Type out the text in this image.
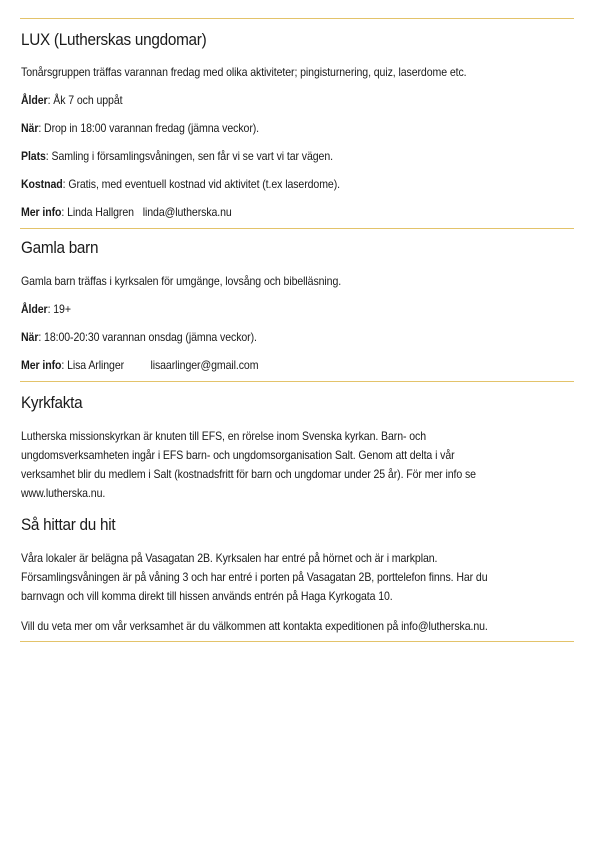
LUX (Lutherskas ungdomar)
Tonårsgruppen träffas varannan fredag med olika aktiviteter; pingisturnering, quiz, laserdome etc.
Ålder: Åk 7 och uppåt
När: Drop in 18:00 varannan fredag (jämna veckor).
Plats: Samling i församlingsvåningen, sen får vi se vart vi tar vägen.
Kostnad: Gratis, med eventuell kostnad vid aktivitet (t.ex laserdome).
Mer info: Linda Hallgren linda@lutherska.nu
Gamla barn
Gamla barn träffas i kyrksalen för umgänge, lovsång och bibelläsning.
Ålder: 19+
När: 18:00-20:30 varannan onsdag (jämna veckor).
Mer info: Lisa Arlinger lisaarlinger@gmail.com
Kyrkfakta
Lutherska missionskyrkan är knuten till EFS, en rörelse inom Svenska kyrkan. Barn- och
ungdomsverksamheten ingår i EFS barn- och ungdomsorganisation Salt. Genom att delta i vår
verksamhet blir du medlem i Salt (kostnadsfritt för barn och ungdomar under 25 år). För mer info se
www.lutherska.nu.
Så hittar du hit
Våra lokaler är belägna på Vasagatan 2B. Kyrksalen har entré på hörnet och är i markplan.
Församlingsvåningen är på våning 3 och har entré i porten på Vasagatan 2B, porttelefon finns. Har du
barnvagn och vill komma direkt till hissen används entrén på Haga Kyrkogata 10.
Vill du veta mer om vår verksamhet är du välkommen att kontakta expeditionen på info@lutherska.nu.
